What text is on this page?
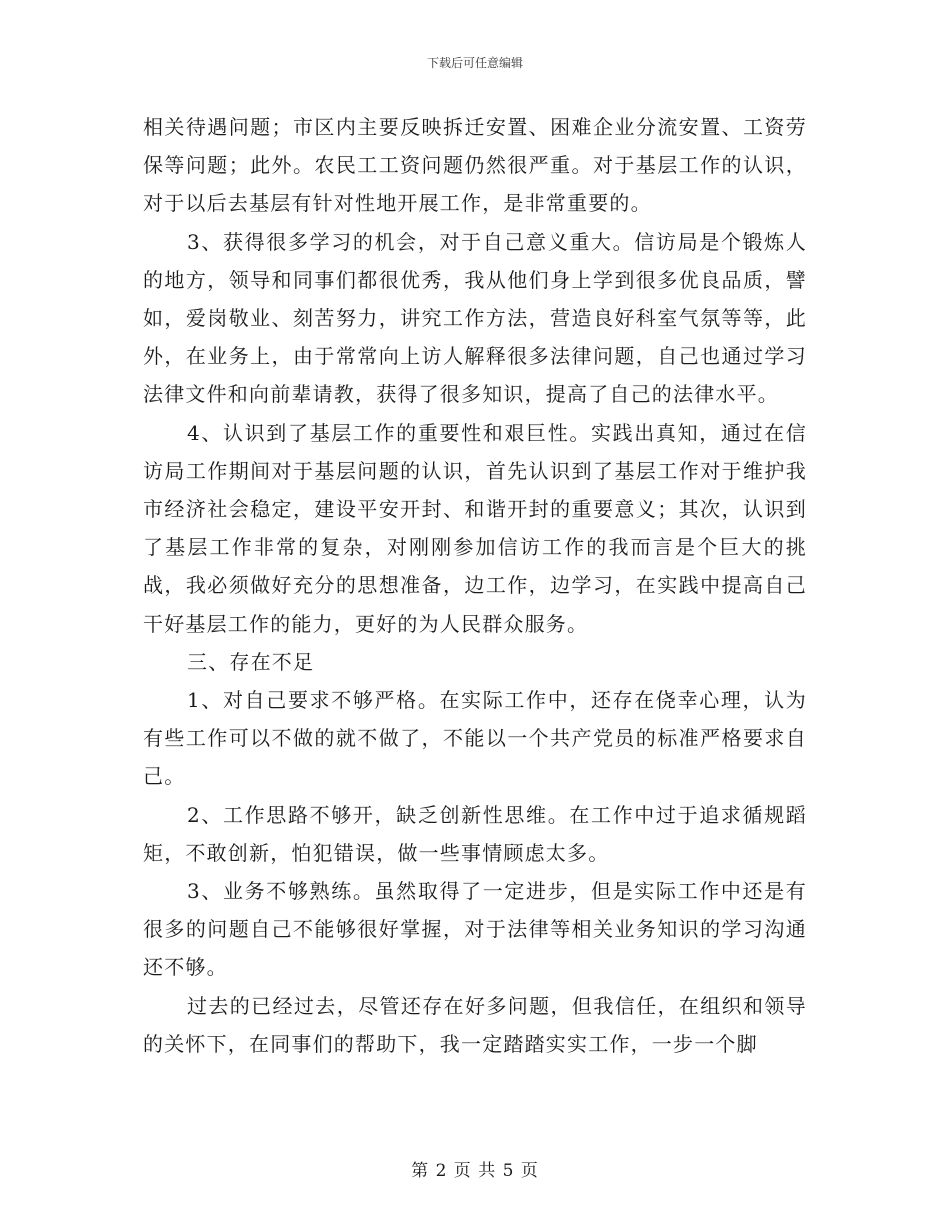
下载后可任意编辑

相关待遇问题；市区内主要反映拆迁安置、困难企业分流安置、工资劳保等问题；此外。农民工工资问题仍然很严重。对于基层工作的认识，对于以后去基层有针对性地开展工作，是非常重要的。

3、获得很多学习的机会，对于自己意义重大。信访局是个锻炼人的地方，领导和同事们都很优秀，我从他们身上学到很多优良品质，譬如，爱岗敬业、刻苦努力，讲究工作方法，营造良好科室气氛等等，此外，在业务上，由于常常向上访人解释很多法律问题，自己也通过学习法律文件和向前辈请教，获得了很多知识，提高了自己的法律水平。

4、认识到了基层工作的重要性和艰巨性。实践出真知，通过在信访局工作期间对于基层问题的认识，首先认识到了基层工作对于维护我市经济社会稳定，建设平安开封、和谐开封的重要意义；其次，认识到了基层工作非常的复杂，对刚刚参加信访工作的我而言是个巨大的挑战，我必须做好充分的思想准备，边工作，边学习，在实践中提高自己干好基层工作的能力，更好的为人民群众服务。

三、存在不足

1、对自己要求不够严格。在实际工作中，还存在侥幸心理，认为有些工作可以不做的就不做了，不能以一个共产党员的标准严格要求自己。

2、工作思路不够开，缺乏创新性思维。在工作中过于追求循规蹈矩，不敢创新，怕犯错误，做一些事情顾虑太多。

3、业务不够熟练。虽然取得了一定进步，但是实际工作中还是有很多的问题自己不能够很好掌握，对于法律等相关业务知识的学习沟通还不够。

过去的已经过去，尽管还存在好多问题，但我信任，在组织和领导的关怀下，在同事们的帮助下，我一定踏踏实实工作，一步一个脚

第 2 页 共 5 页
